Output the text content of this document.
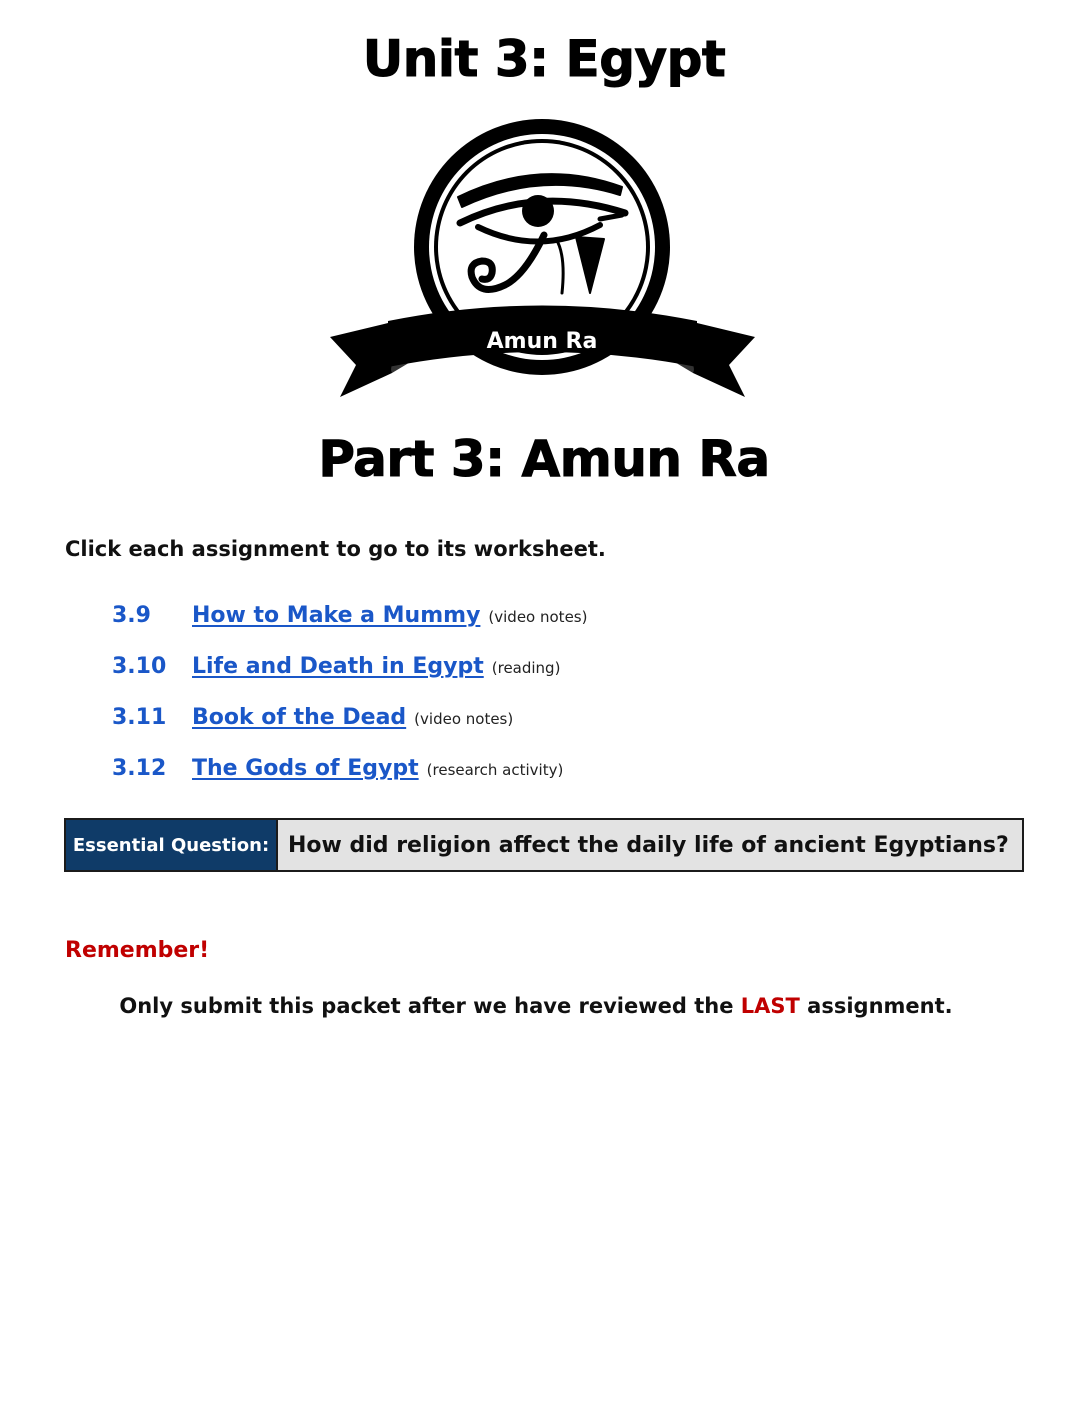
Unit 3: Egypt
Amun Ra
Part 3: Amun Ra
Click each assignment to go to its worksheet.
3.9 How to Make a Mummy (video notes)
3.10 Life and Death in Egypt (reading)
3.11 Book of the Dead (video notes)
3.12 The Gods of Egypt (research activity)
Essential Question: How did religion affect the daily life of ancient Egyptians?
Remember!
Only submit this packet after we have reviewed the LAST assignment.
